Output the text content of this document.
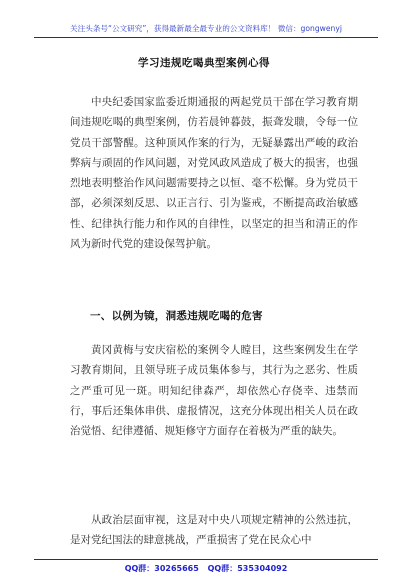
关注头条号“公文研究”，获得最新最全最专业的公文资料库！ 微信：gongwenyj
学习违规吃喝典型案例心得
中央纪委国家监委近期通报的两起党员干部在学习教育期间违规吃喝的典型案例，仿若晨钟暮鼓，振聋发聩，令每一位党员干部警醒。这种顶风作案的行为，无疑暴露出严峻的政治弊病与顽固的作风问题，对党风政风造成了极大的损害，也强烈地表明整治作风问题需要持之以恒、毫不松懈。身为党员干部，必须深刻反思、以正言行、引为鉴戒，不断提高政治敏感性、纪律执行能力和作风的自律性，以坚定的担当和清正的作风为新时代党的建设保驾护航。
一、以例为镜，洞悉违规吃喝的危害
黄冈黄梅与安庆宿松的案例令人瞠目，这些案例发生在学习教育期间，且领导班子成员集体参与，其行为之恶劣、性质之严重可见一斑。明知纪律森严，却依然心存侥幸、违禁而行，事后还集体串供、虚报情况，这充分体现出相关人员在政治觉悟、纪律遵循、规矩修守方面存在着极为严重的缺失。
从政治层面审视，这是对中央八项规定精神的公然违抗，是对党纪国法的肆意挑战，严重损害了党在民众心中
QQ群：30265665 QQ群：535304092
